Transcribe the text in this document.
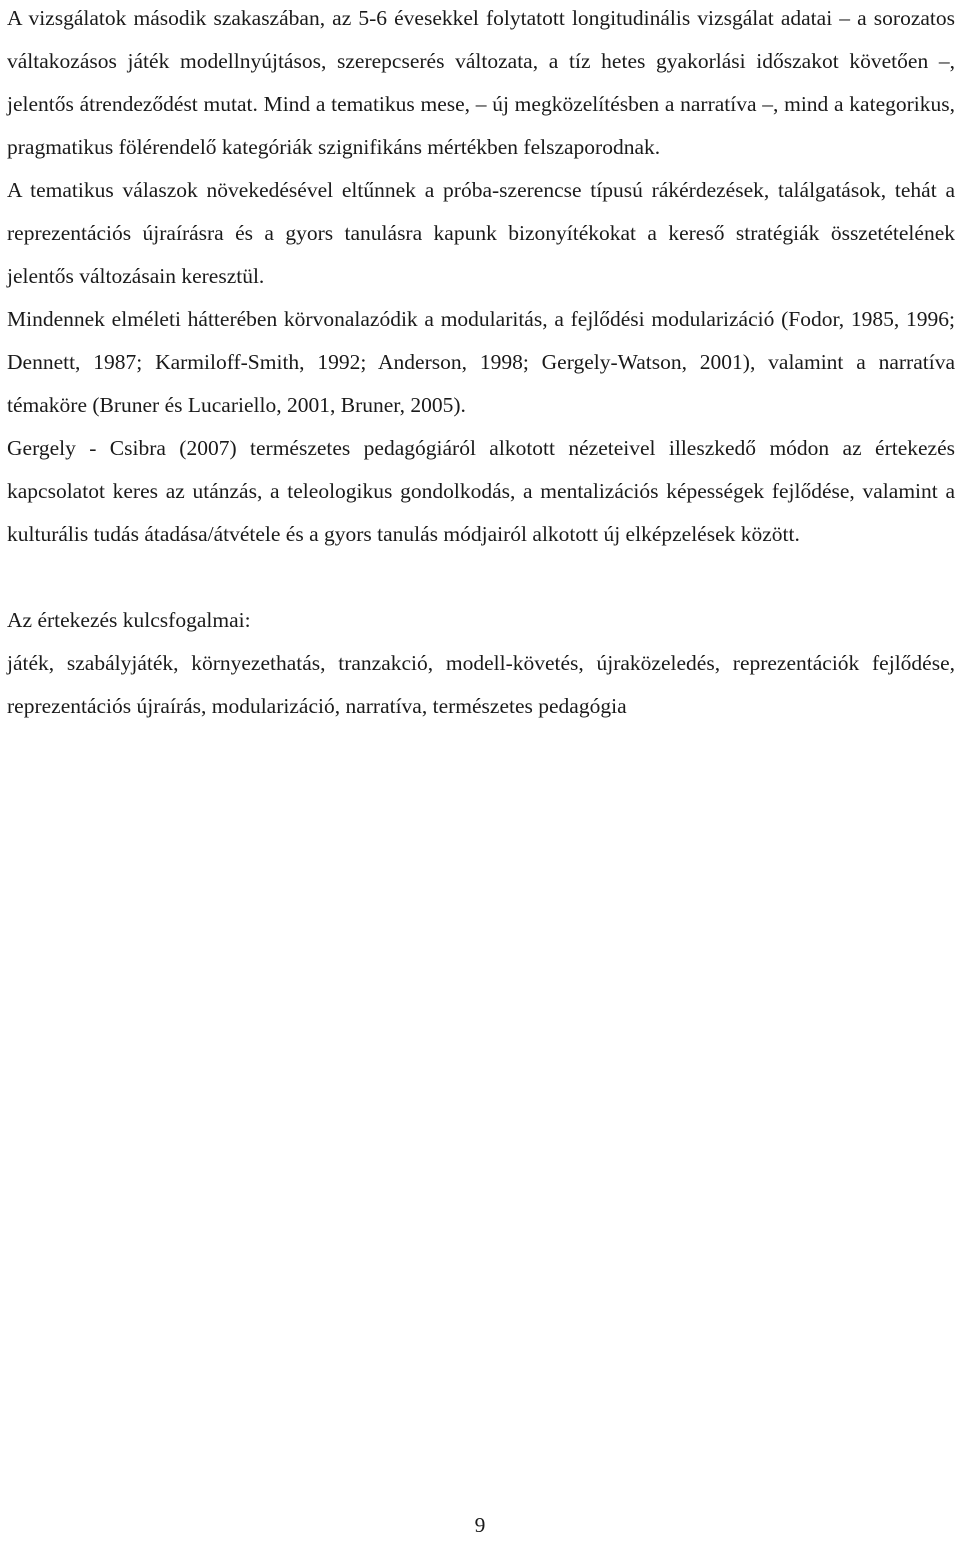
A vizsgálatok második szakaszában, az 5-6 évesekkel folytatott longitudinális vizsgálat adatai – a sorozatos váltakozásos játék modellnyújtásos, szerepcserés változata, a tíz hetes gyakorlási időszakot követően –, jelentős átrendeződést mutat. Mind a tematikus mese, – új megközelítésben a narratíva –, mind a kategorikus, pragmatikus fölérendelő kategóriák szignifikáns mértékben felszaporodnak.

A tematikus válaszok növekedésével eltűnnek a próba-szerencse típusú rákérdezések, találgatások, tehát a reprezentációs újraírásra és a gyors tanulásra kapunk bizonyítékokat a kereső stratégiák összetételének jelentős változásain keresztül.

Mindennek elméleti hátterében körvonalazódik a modularitás, a fejlődési modularizáció (Fodor, 1985, 1996; Dennett, 1987; Karmiloff-Smith, 1992; Anderson, 1998; Gergely-Watson, 2001), valamint a narratíva témaköre (Bruner és Lucariello, 2001, Bruner, 2005).

Gergely - Csibra (2007) természetes pedagógiáról alkotott nézeteivel illeszkedő módon az értekezés kapcsolatot keres az utánzás, a teleologikus gondolkodás, a mentalizációs képességek fejlődése, valamint a kulturális tudás átadása/átvétele és a gyors tanulás módjairól alkotott új elképzelések között.

Az értekezés kulcsfogalmai:

játék, szabályjáték, környezethatás, tranzakció, modell-követés, újraközeledés, reprezentációk fejlődése, reprezentációs újraírás, modularizáció, narratíva, természetes pedagógia

9
